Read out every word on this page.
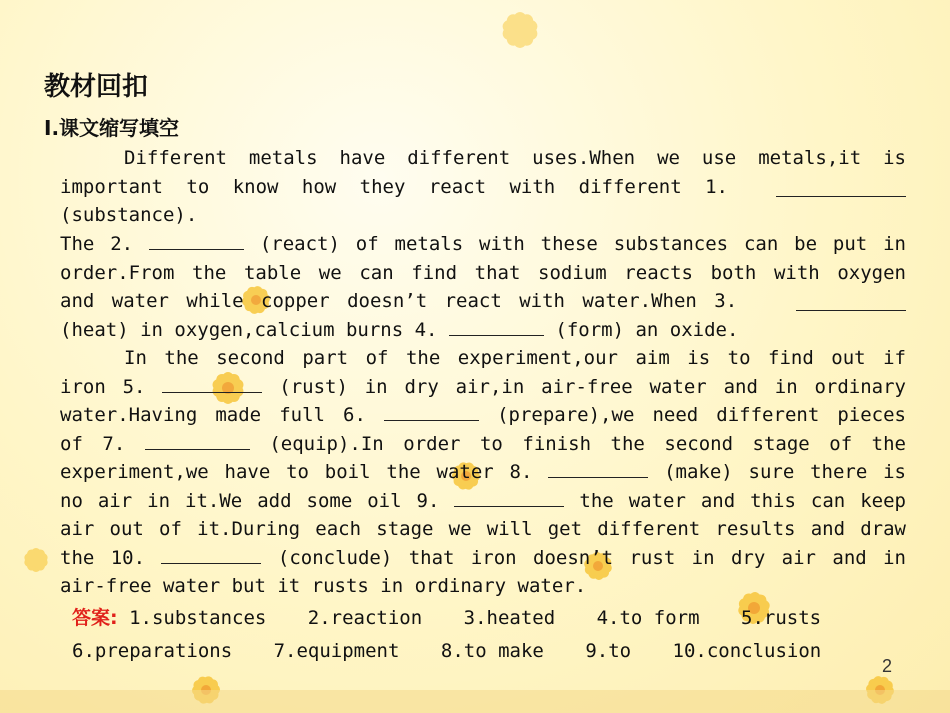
教材回扣
Ⅰ.课文缩写填空
Different metals have different uses.When we use metals,it is
important to know how they react with different 1.
(substance).
The 2.	(react) of metals with these substances can be put in
order.From the table we can find that sodium reacts both with oxygen
and water while copper doesn’t react with water.When 3.
(heat) in oxygen,calcium burns 4.	(form) an oxide.
In the second part of the experiment,our aim is to find out if
iron 5.	(rust) in dry air,in air-free water and in ordinary
water.Having made full 6.	(prepare),we need different pieces
of 7.	(equip).In order to finish the second stage of the
experiment,we have to boil the water 8.	(make) sure there is
no air in it.We add some oil 9.	the water and this can keep
air out of it.During each stage we will get different results and draw
the 10.	(conclude) that iron doesn’t rust in dry air and in
air-free water but it rusts in ordinary water.
答案: 1.substances 2.reaction 3.heated 4.to form 5.rusts
6.preparations 7.equipment 8.to make 9.to 10.conclusion
2
